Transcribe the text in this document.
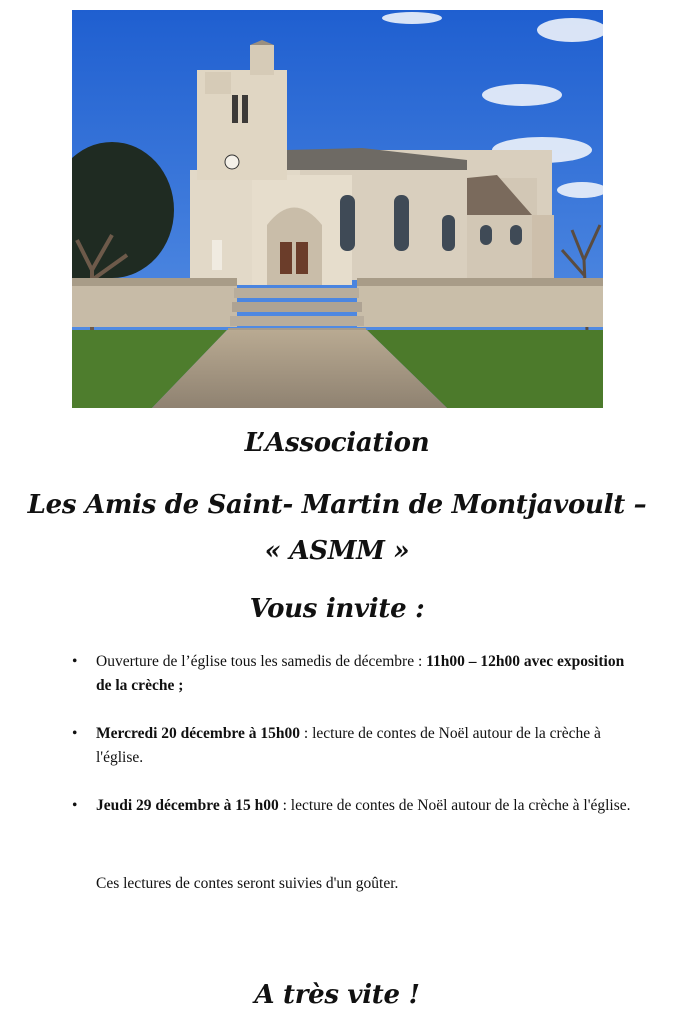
L’Association
Les Amis de Saint- Martin de Montjavoult –
« ASMM »
Vous invite :
•	Ouverture de l’église tous les samedis de décembre : 11h00 – 12h00 avec exposition de la crèche ;
•	Mercredi 20 décembre à 15h00 : lecture de contes de Noël autour de la crèche à l'église.
•	Jeudi 29 décembre à 15 h00 : lecture de contes de Noël autour de la crèche à l'église.
Ces lectures de contes seront suivies d'un goûter.
A très vite !
